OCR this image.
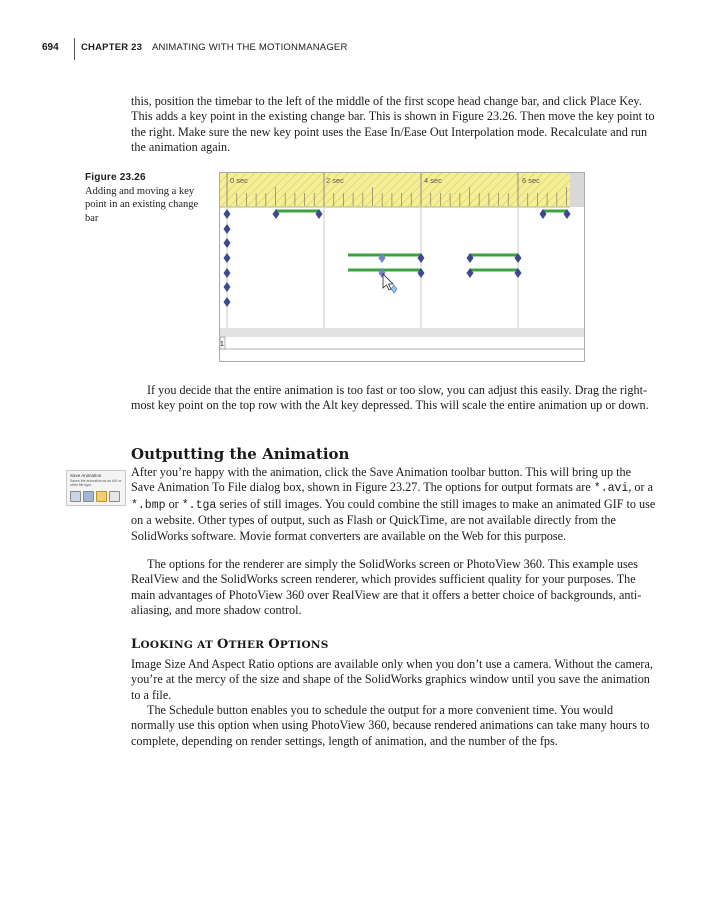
694 CHAPTER 23 ANIMATING WITH THE MOTIONMANAGER

this, position the timebar to the left of the middle of the first scope head change bar, and click Place Key. This adds a key point in the existing change bar. This is shown in Figure 23.26. Then move the key point to the right. Make sure the new key point uses the Ease In/Ease Out Interpolation mode. Recalculate and run the animation again.

Figure 23.26
Adding and moving a key point in an existing change bar
0 sec	2 sec	4 sec	6 sec
1

If you decide that the entire animation is too fast or too slow, you can adjust this easily. Drag the right-most key point on the top row with the Alt key depressed. This will scale the entire animation up or down.

Outputting the Animation
Save Animation
Saves the animation as an AVI or other file type.

After you’re happy with the animation, click the Save Animation toolbar button. This will bring up the Save Animation To File dialog box, shown in Figure 23.27. The options for output formats are *.avi, or a *.bmp or *.tga series of still images. You could combine the still images to make an animated GIF to use on a website. Other types of output, such as Flash or QuickTime, are not available directly from the SolidWorks software. Movie format converters are available on the Web for this purpose.

The options for the renderer are simply the SolidWorks screen or PhotoView 360. This example uses RealView and the SolidWorks screen renderer, which provides sufficient quality for your purposes. The main advantages of PhotoView 360 over RealView are that it offers a better choice of backgrounds, anti-aliasing, and more shadow control.

LOOKING AT OTHER OPTIONS

Image Size And Aspect Ratio options are available only when you don’t use a camera. Without the camera, you’re at the mercy of the size and shape of the SolidWorks graphics window until you save the animation to a file.

The Schedule button enables you to schedule the output for a more convenient time. You would normally use this option when using PhotoView 360, because rendered animations can take many hours to complete, depending on render settings, length of animation, and the number of the fps.
